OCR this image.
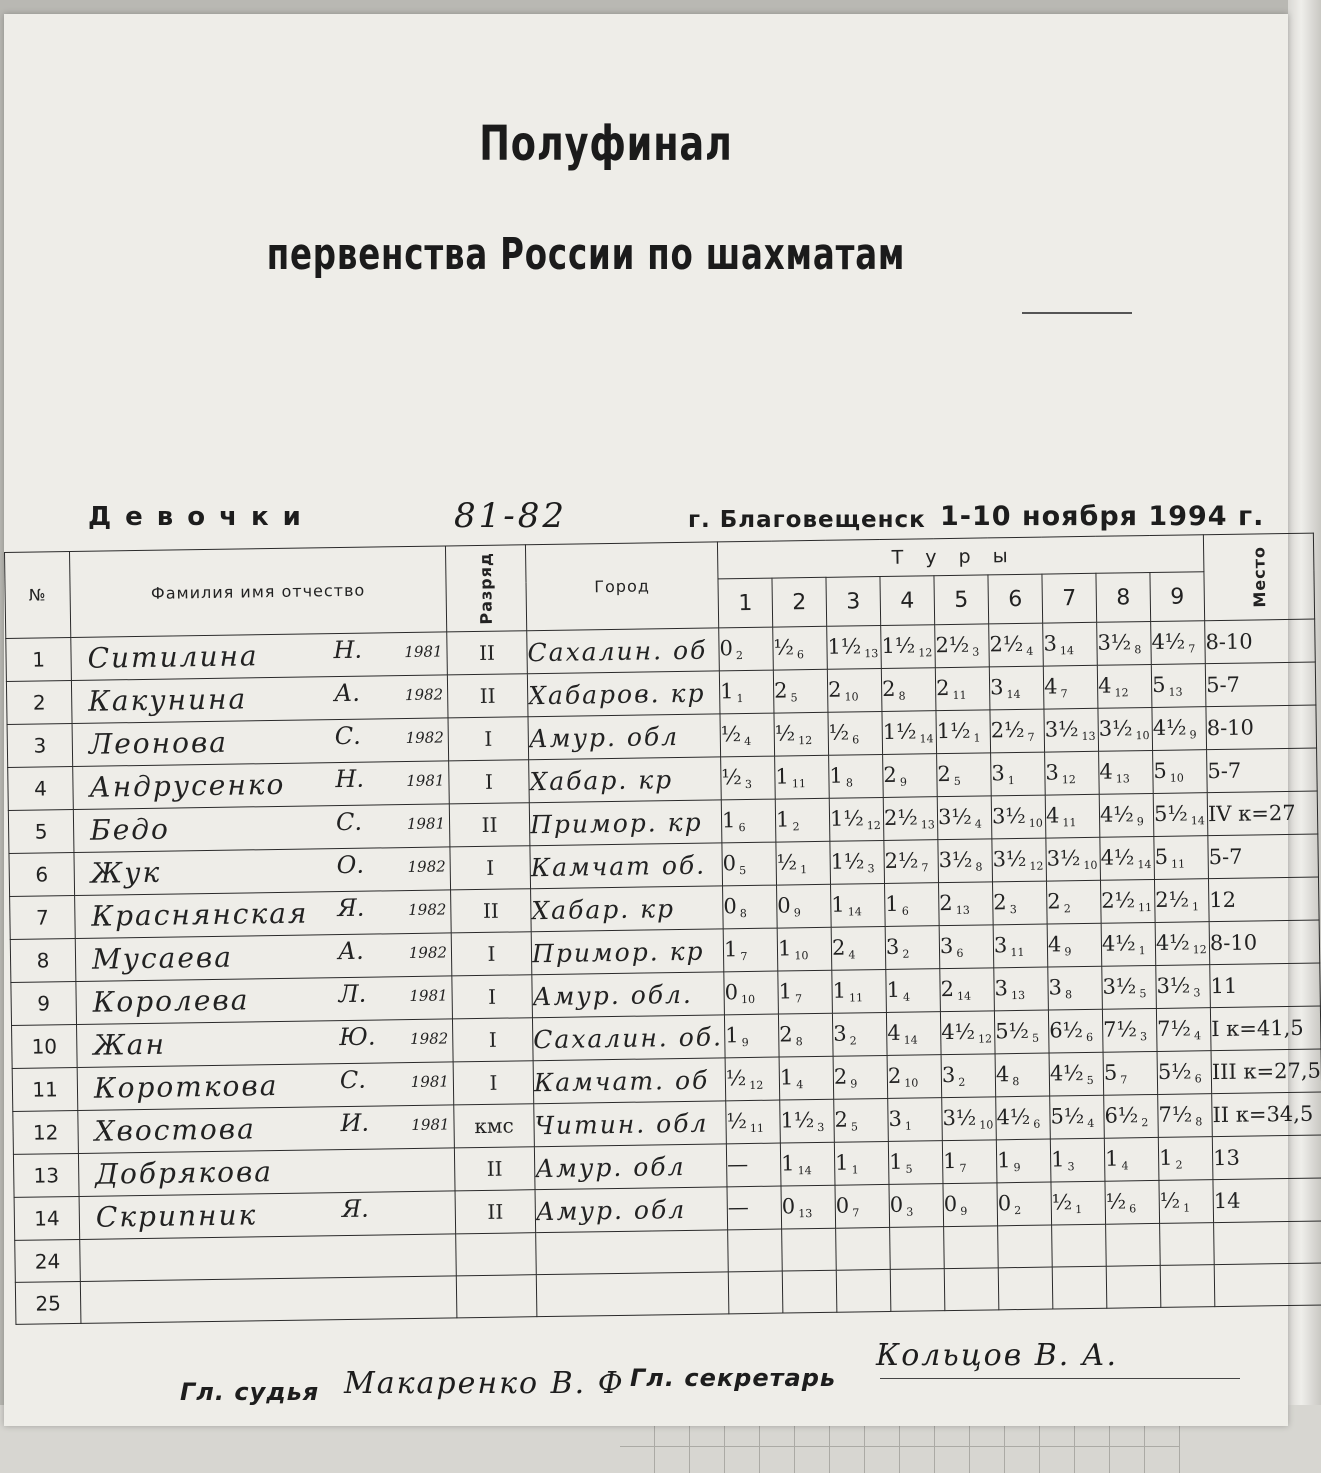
Полуфинал
первенства России по шахматам
Девочки	81-82	г. Благовещенск 1-10 ноября 1994 г.
№	Фамилия имя отчество	Разряд	Город	Туры									Место
				1	2	3	4	5	6	7	8	9	
1	Ситилина Н. 1981	II	Сахалин. об	0 $_2$	½ $_6$	1½ $_{13}$	1½ $_{12}$	2½ $_3$	2½ $_4$	3 $_{14}$	3½ $_8$	4½ $_7$	8-10
2	Какунина А. 1982	II	Хабаров. кр	1 $_1$	2 $_5$	2 $_{10}$	2 $_8$	2 $_{11}$	3 $_{14}$	4 $_7$	4 $_{12}$	5 $_{13}$	5-7
3	Леонова С. 1982	I	Амур. обл	½ $_4$	½ $_{12}$	½ $_6$	1½ $_{14}$	1½ $_1$	2½ $_7$	3½ $_{13}$	3½ $_{10}$	4½ $_9$	8-10
4	Андрусенко Н. 1981	I	Хабар. кр	½ $_3$	1 $_{11}$	1 $_8$	2 $_9$	2 $_5$	3 $_1$	3 $_{12}$	4 $_{13}$	5 $_{10}$	5-7
5	Бедо С. 1981	II	Примор. кр	1 $_6$	1 $_2$	1½ $_{12}$	2½ $_{13}$	3½ $_4$	3½ $_{10}$	4 $_{11}$	4½ $_9$	5½ $_{14}$	IV к=27
6	Жук О. 1982	I	Камчат об.	0 $_5$	½ $_1$	1½ $_3$	2½ $_7$	3½ $_8$	3½ $_{12}$	3½ $_{10}$	4½ $_{14}$	5 $_{11}$	5-7
7	Краснянская Я. 1982	II	Хабар. кр	0 $_8$	0 $_9$	1 $_{14}$	1 $_6$	2 $_{13}$	2 $_3$	2 $_2$	2½ $_{11}$	2½ $_1$	12
8	Мусаева А. 1982	I	Примор. кр	1 $_7$	1 $_{10}$	2 $_4$	3 $_2$	3 $_6$	3 $_{11}$	4 $_9$	4½ $_1$	4½ $_{12}$	8-10
9	Королева Л. 1981	I	Амур. обл.	0 $_{10}$	1 $_7$	1 $_{11}$	1 $_4$	2 $_{14}$	3 $_{13}$	3 $_8$	3½ $_5$	3½ $_3$	11
10	Жан Ю. 1982	I	Сахалин. об.	1 $_9$	2 $_8$	3 $_2$	4 $_{14}$	4½ $_{12}$	5½ $_5$	6½ $_6$	7½ $_3$	7½ $_4$	I к=41,5
11	Короткова С. 1981	I	Камчат. об	½ $_{12}$	1 $_4$	2 $_9$	2 $_{10}$	3 $_2$	4 $_8$	4½ $_5$	5 $_7$	5½ $_6$	III к=27,5
12	Хвостова И. 1981	кмс	Читин. обл	½ $_{11}$	1½ $_3$	2 $_5$	3 $_1$	3½ $_{10}$	4½ $_6$	5½ $_4$	6½ $_2$	7½ $_8$	II к=34,5
13	Добрякова	II	Амур. обл	—	1 $_{14}$	1 $_1$	1 $_5$	1 $_7$	1 $_9$	1 $_3$	1 $_4$	1 $_2$	13
14	Скрипник Я.	II	Амур. обл	—	0 $_{13}$	0 $_7$	0 $_3$	0 $_9$	0 $_2$	½ $_1$	½ $_6$	½ $_1$	14
24	

25	

Гл. судья Макаренко В. Ф Гл. секретарь
Кольцов В. А.
